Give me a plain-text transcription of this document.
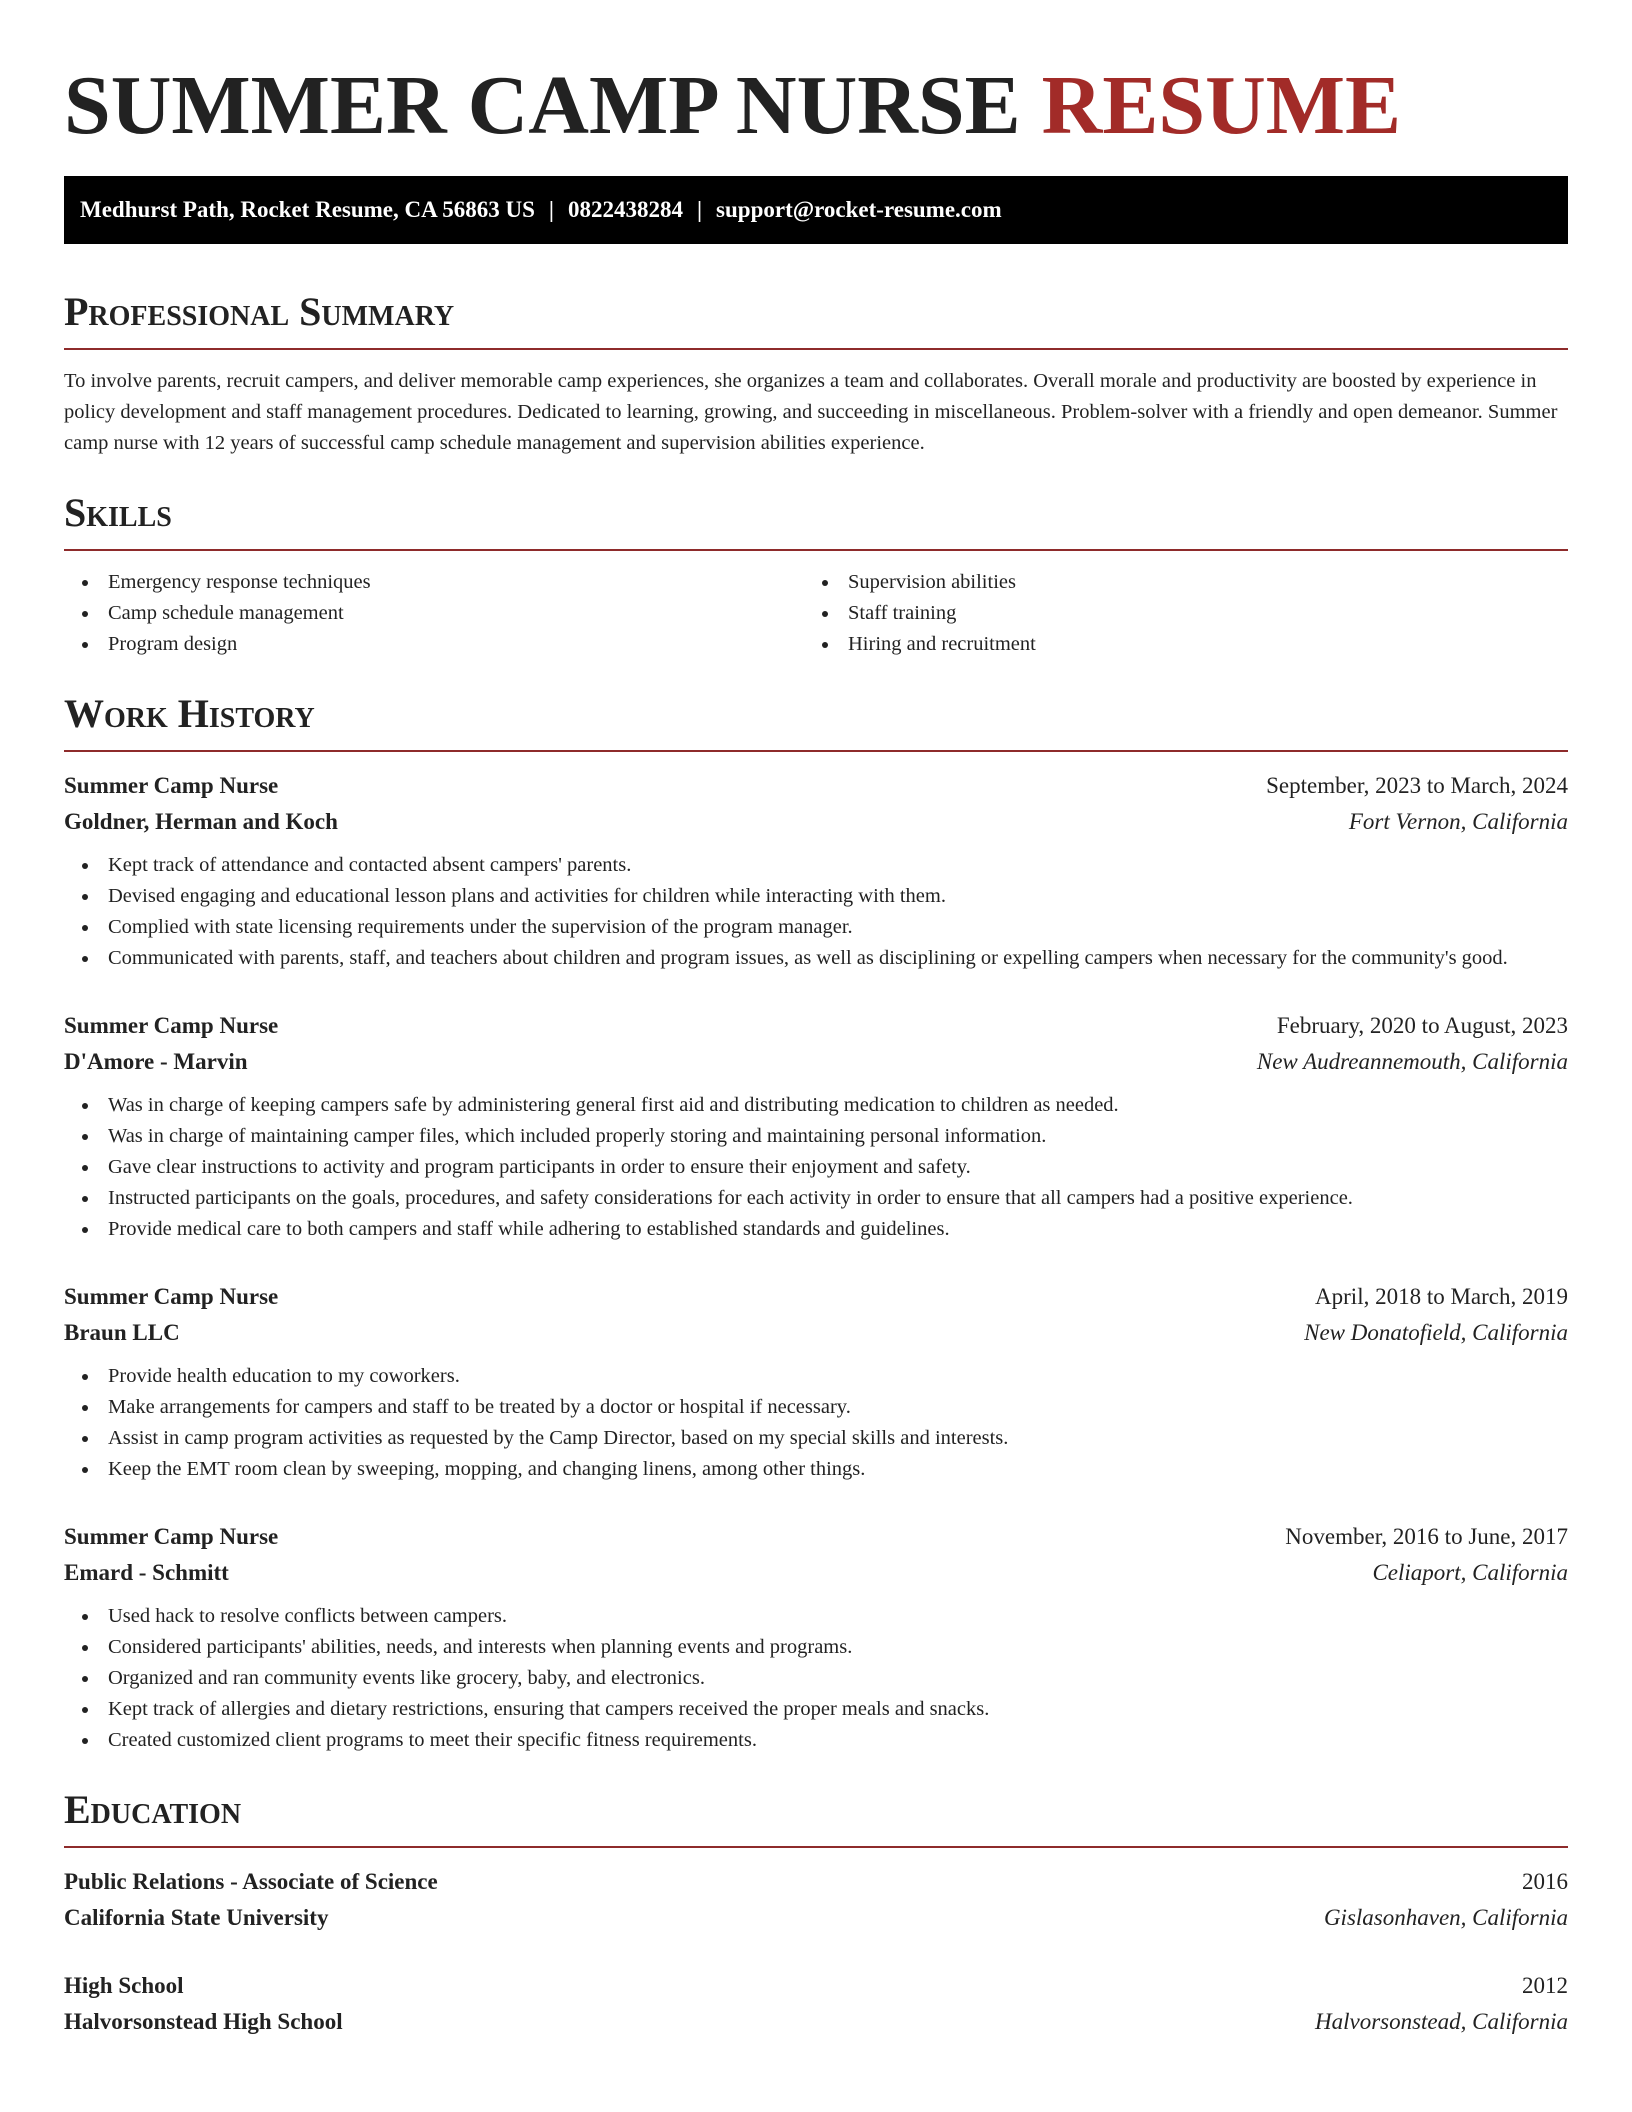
SUMMER CAMP NURSE RESUME
Medhurst Path, Rocket Resume, CA 56863 US | 0822438284 | support@rocket-resume.com
Professional Summary

To involve parents, recruit campers, and deliver memorable camp experiences, she organizes a team and collaborates. Overall morale and productivity are boosted by experience in policy development and staff management procedures. Dedicated to learning, growing, and succeeding in miscellaneous. Problem-solver with a friendly and open demeanor. Summer camp nurse with 12 years of successful camp schedule management and supervision abilities experience.

Skills
Emergency response techniques
Camp schedule management
Program design
Supervision abilities
Staff training
Hiring and recruitment
Work History
Summer Camp Nurse	September, 2023 to March, 2024
Goldner, Herman and Koch	Fort Vernon, California
Kept track of attendance and contacted absent campers' parents.
Devised engaging and educational lesson plans and activities for children while interacting with them.
Complied with state licensing requirements under the supervision of the program manager.
Communicated with parents, staff, and teachers about children and program issues, as well as disciplining or expelling campers when necessary for the community's good.
Summer Camp Nurse	February, 2020 to August, 2023
D'Amore - Marvin	New Audreannemouth, California
Was in charge of keeping campers safe by administering general first aid and distributing medication to children as needed.
Was in charge of maintaining camper files, which included properly storing and maintaining personal information.
Gave clear instructions to activity and program participants in order to ensure their enjoyment and safety.
Instructed participants on the goals, procedures, and safety considerations for each activity in order to ensure that all campers had a positive experience.
Provide medical care to both campers and staff while adhering to established standards and guidelines.
Summer Camp Nurse	April, 2018 to March, 2019
Braun LLC	New Donatofield, California
Provide health education to my coworkers.
Make arrangements for campers and staff to be treated by a doctor or hospital if necessary.
Assist in camp program activities as requested by the Camp Director, based on my special skills and interests.
Keep the EMT room clean by sweeping, mopping, and changing linens, among other things.
Summer Camp Nurse	November, 2016 to June, 2017
Emard - Schmitt	Celiaport, California
Used hack to resolve conflicts between campers.
Considered participants' abilities, needs, and interests when planning events and programs.
Organized and ran community events like grocery, baby, and electronics.
Kept track of allergies and dietary restrictions, ensuring that campers received the proper meals and snacks.
Created customized client programs to meet their specific fitness requirements.
Education
Public Relations - Associate of Science	2016
California State University	Gislasonhaven, California
High School	2012
Halvorsonstead High School	Halvorsonstead, California
